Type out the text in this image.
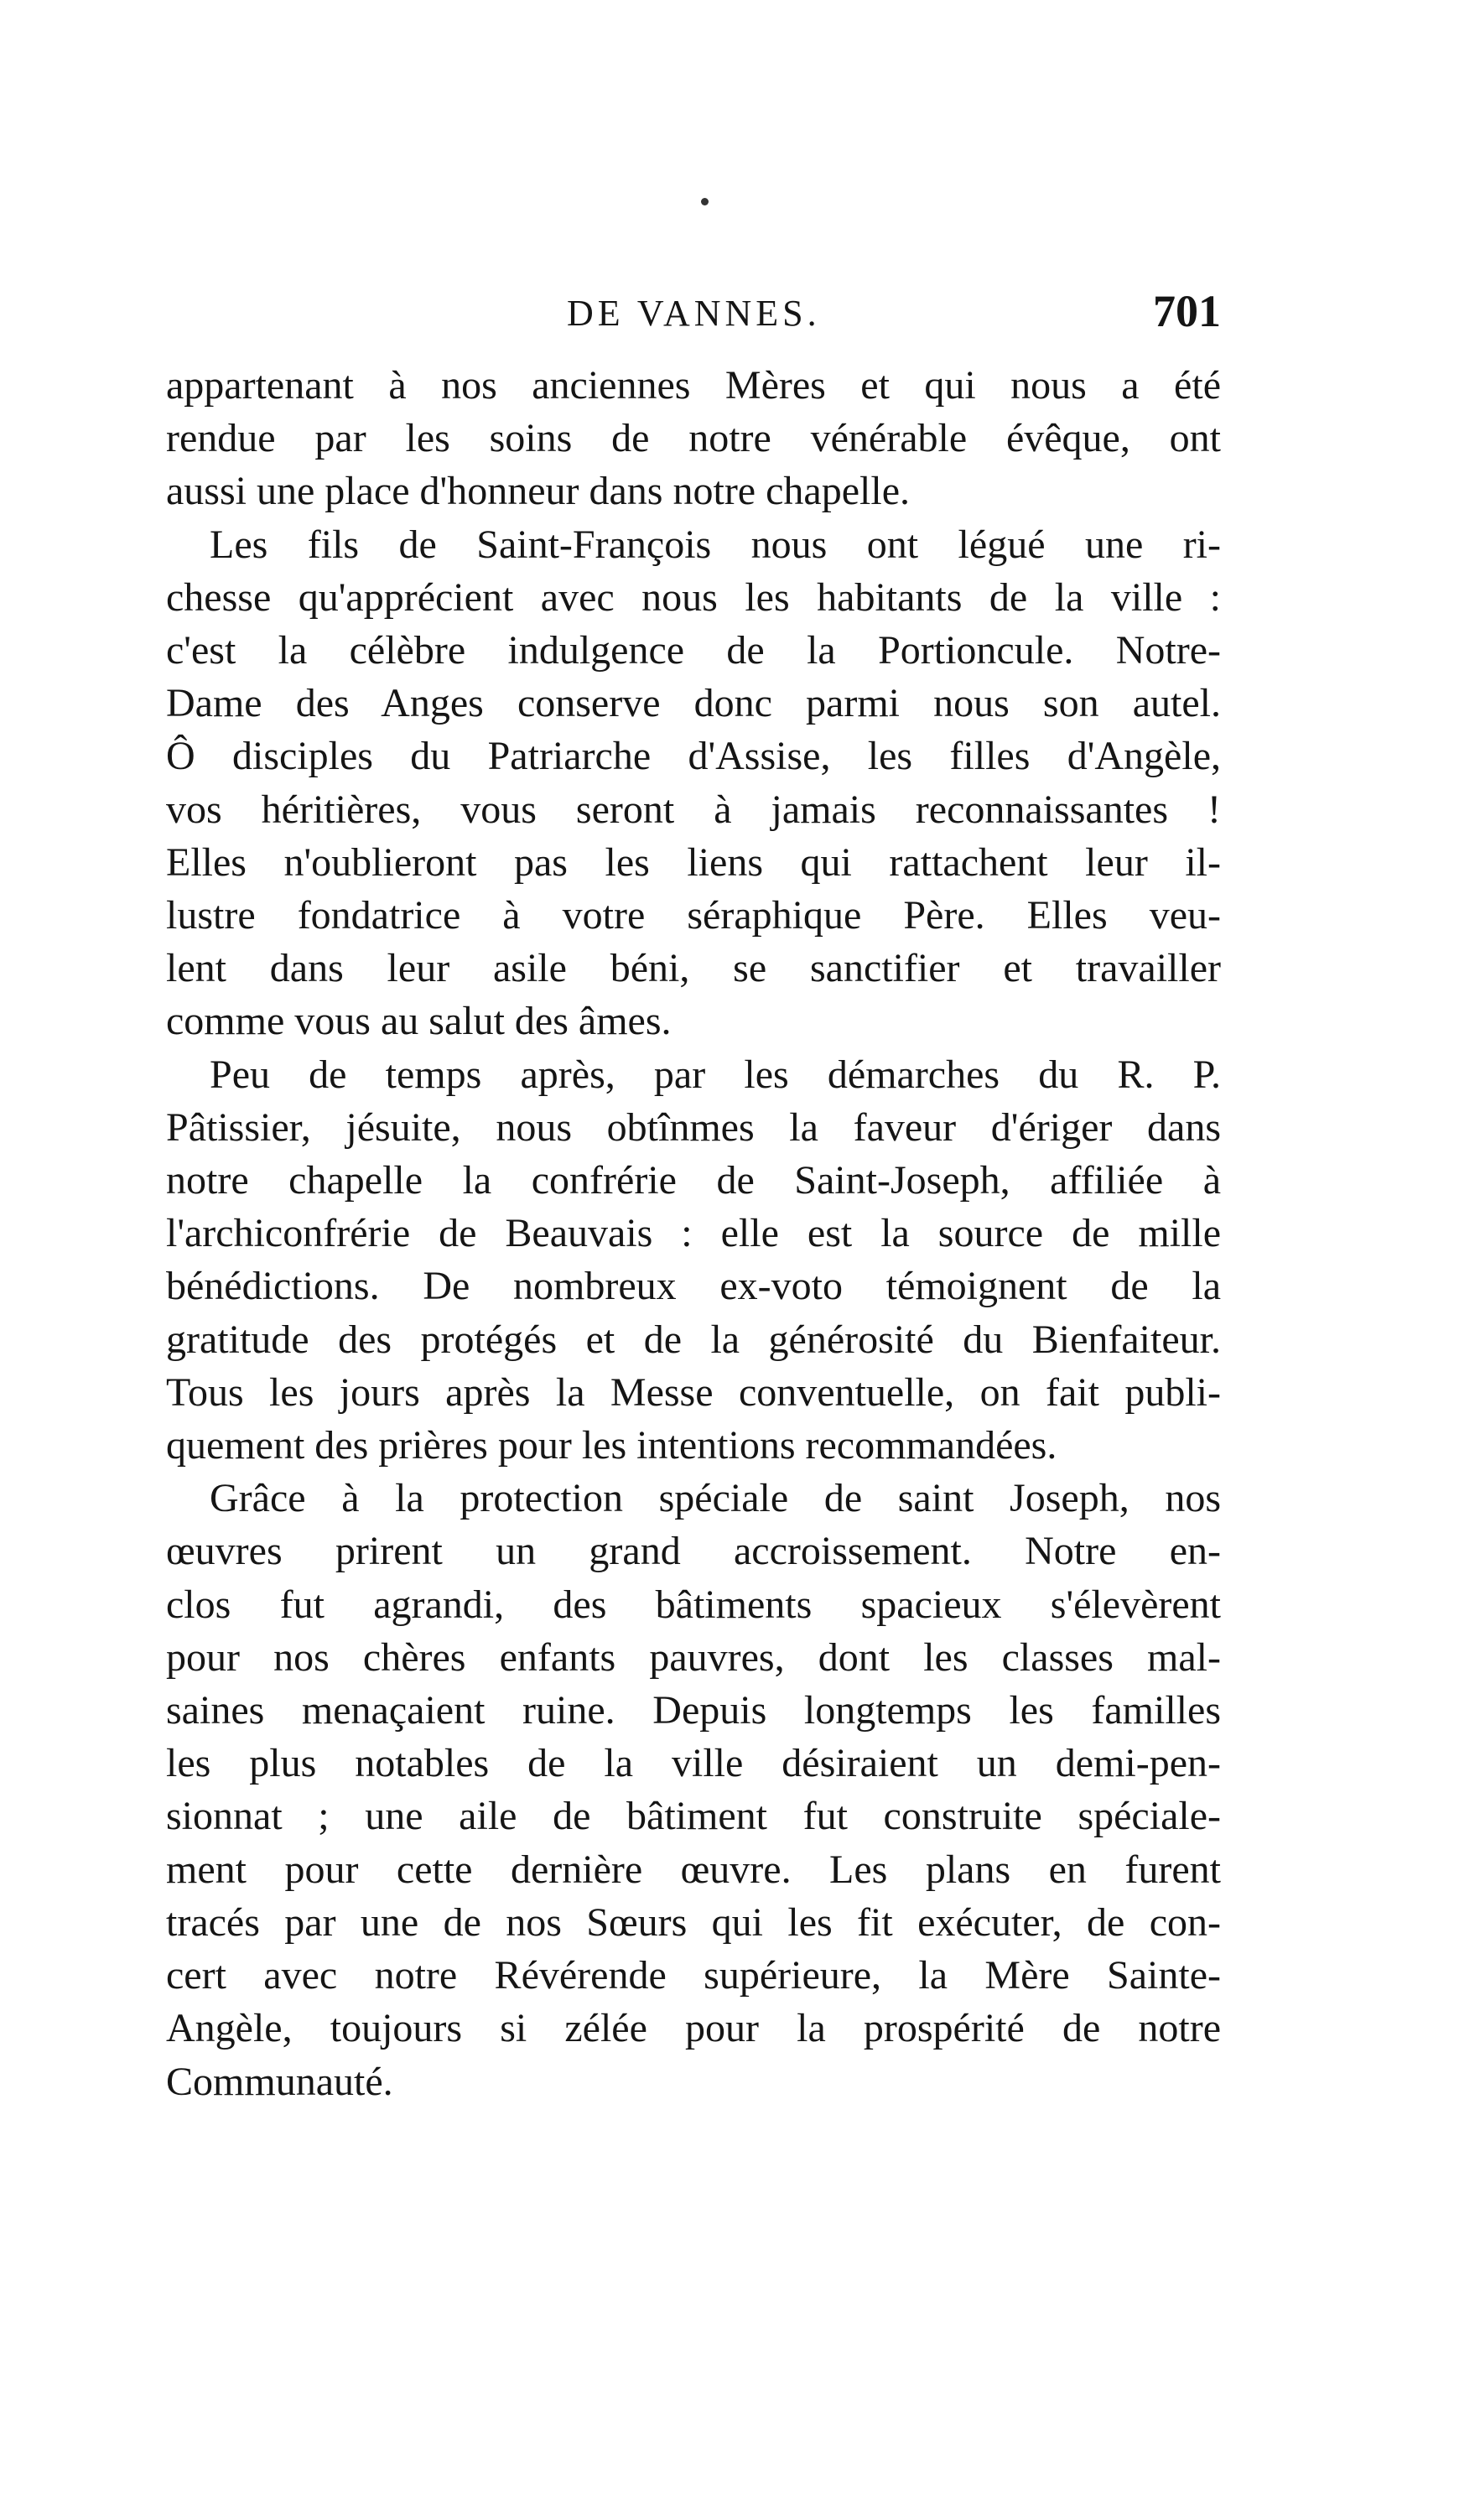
DE VANNES.	701
appartenant à nos anciennes Mères et qui nous a été
rendue par les soins de notre vénérable évêque, ont
aussi une place d'honneur dans notre chapelle.
Les fils de Saint-François nous ont légué une ri-
chesse qu'apprécient avec nous les habitants de la ville :
c'est la célèbre indulgence de la Portioncule. Notre-
Dame des Anges conserve donc parmi nous son autel.
Ô disciples du Patriarche d'Assise, les filles d'Angèle,
vos héritières, vous seront à jamais reconnaissantes !
Elles n'oublieront pas les liens qui rattachent leur il-
lustre fondatrice à votre séraphique Père. Elles veu-
lent dans leur asile béni, se sanctifier et travailler
comme vous au salut des âmes.
Peu de temps après, par les démarches du R. P.
Pâtissier, jésuite, nous obtînmes la faveur d'ériger dans
notre chapelle la confrérie de Saint-Joseph, affiliée à
l'archiconfrérie de Beauvais : elle est la source de mille
bénédictions. De nombreux ex-voto témoignent de la
gratitude des protégés et de la générosité du Bienfaiteur.
Tous les jours après la Messe conventuelle, on fait publi-
quement des prières pour les intentions recommandées.
Grâce à la protection spéciale de saint Joseph, nos
œuvres prirent un grand accroissement. Notre en-
clos fut agrandi, des bâtiments spacieux s'élevèrent
pour nos chères enfants pauvres, dont les classes mal-
saines menaçaient ruine. Depuis longtemps les familles
les plus notables de la ville désiraient un demi-pen-
sionnat ; une aile de bâtiment fut construite spéciale-
ment pour cette dernière œuvre. Les plans en furent
tracés par une de nos Sœurs qui les fit exécuter, de con-
cert avec notre Révérende supérieure, la Mère Sainte-
Angèle, toujours si zélée pour la prospérité de notre
Communauté.
